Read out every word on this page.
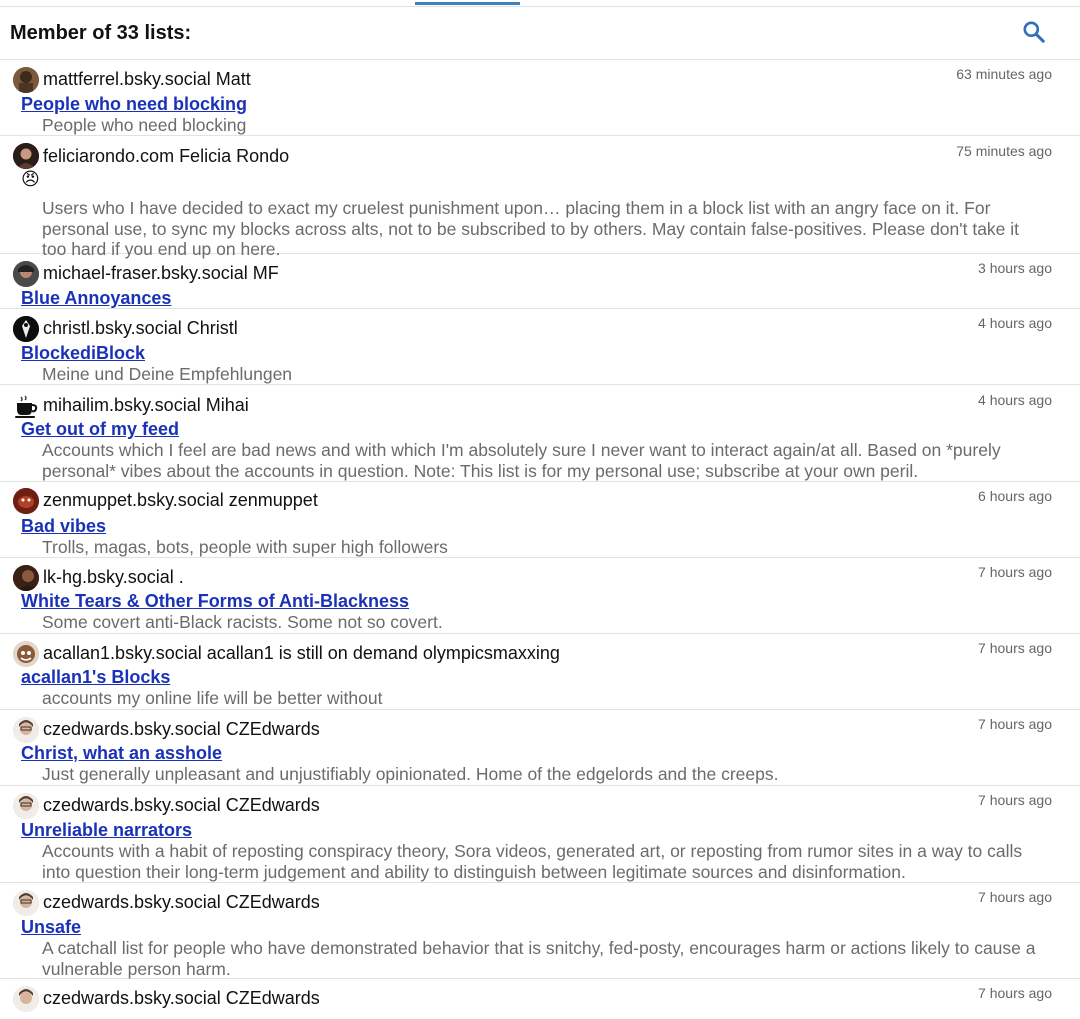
Member of 33 lists:
mattferrel.bsky.social Matt	63 minutes ago
People who need blocking
People who need blocking
feliciarondo.com Felicia Rondo	75 minutes ago
😠
Users who I have decided to exact my cruelest punishment upon… placing them in a block list with an angry face on it. For personal use, to sync my blocks across alts, not to be subscribed to by others. May contain false-positives. Please don't take it too hard if you end up on here.
michael-fraser.bsky.social MF	3 hours ago
Blue Annoyances
christl.bsky.social Christl	4 hours ago
BlockediBlock
Meine und Deine Empfehlungen
mihailim.bsky.social Mihai	4 hours ago
Get out of my feed
Accounts which I feel are bad news and with which I'm absolutely sure I never want to interact again/at all. Based on *purely personal* vibes about the accounts in question. Note: This list is for my personal use; subscribe at your own peril.
zenmuppet.bsky.social zenmuppet	6 hours ago
Bad vibes
Trolls, magas, bots, people with super high followers
lk-hg.bsky.social .	7 hours ago
White Tears & Other Forms of Anti-Blackness
Some covert anti-Black racists. Some not so covert.
acallan1.bsky.social acallan1 is still on demand olympicsmaxxing	7 hours ago
acallan1's Blocks
accounts my online life will be better without
czedwards.bsky.social CZEdwards	7 hours ago
Christ, what an asshole
Just generally unpleasant and unjustifiably opinionated. Home of the edgelords and the creeps.
czedwards.bsky.social CZEdwards	7 hours ago
Unreliable narrators
Accounts with a habit of reposting conspiracy theory, Sora videos, generated art, or reposting from rumor sites in a way to calls into question their long-term judgement and ability to distinguish between legitimate sources and disinformation.
czedwards.bsky.social CZEdwards	7 hours ago
Unsafe
A catchall list for people who have demonstrated behavior that is snitchy, fed-posty, encourages harm or actions likely to cause a vulnerable person harm.
czedwards.bsky.social CZEdwards	7 hours ago
